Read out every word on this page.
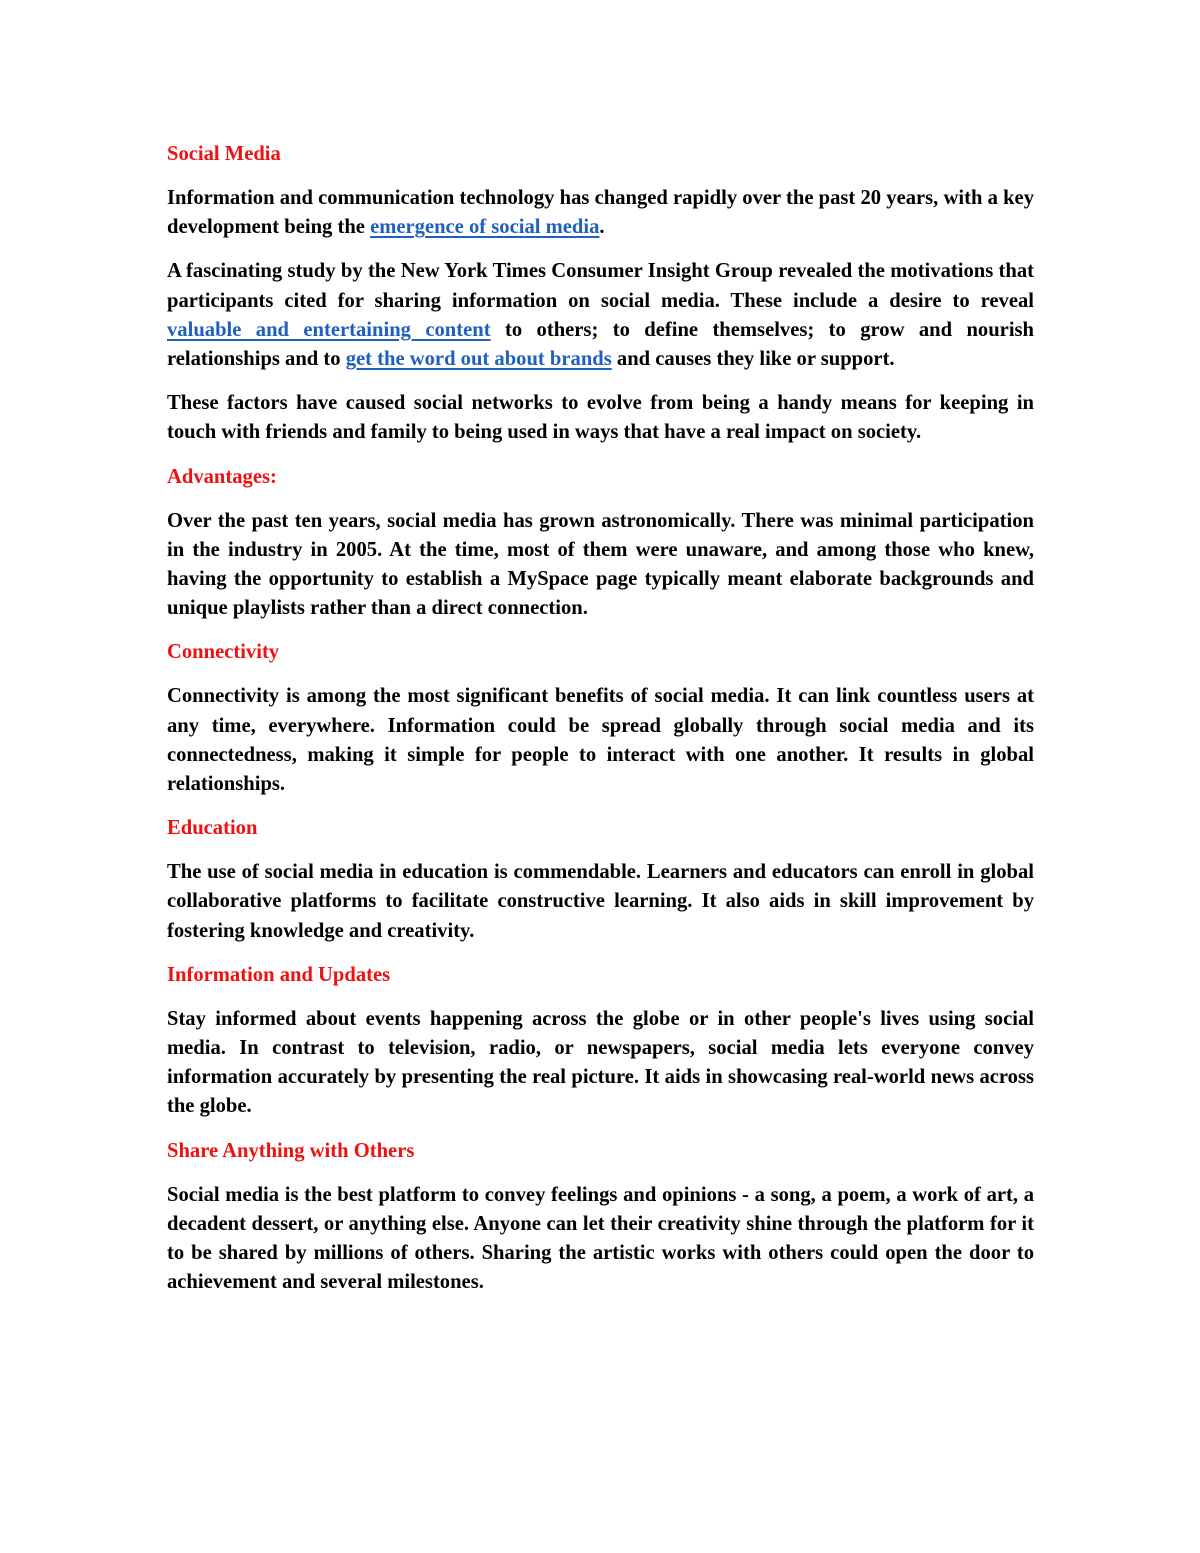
Social Media

Information and communication technology has changed rapidly over the past 20 years, with a key development being the emergence of social media.

A fascinating study by the New York Times Consumer Insight Group revealed the motivations that participants cited for sharing information on social media. These include a desire to reveal valuable and entertaining content to others; to define themselves; to grow and nourish relationships and to get the word out about brands and causes they like or support.

These factors have caused social networks to evolve from being a handy means for keeping in touch with friends and family to being used in ways that have a real impact on society.

Advantages:

Over the past ten years, social media has grown astronomically. There was minimal participation in the industry in 2005. At the time, most of them were unaware, and among those who knew, having the opportunity to establish a MySpace page typically meant elaborate backgrounds and unique playlists rather than a direct connection.

Connectivity

Connectivity is among the most significant benefits of social media. It can link countless users at any time, everywhere. Information could be spread globally through social media and its connectedness, making it simple for people to interact with one another. It results in global relationships.

Education

The use of social media in education is commendable. Learners and educators can enroll in global collaborative platforms to facilitate constructive learning. It also aids in skill improvement by fostering knowledge and creativity.

Information and Updates

Stay informed about events happening across the globe or in other people's lives using social media. In contrast to television, radio, or newspapers, social media lets everyone convey information accurately by presenting the real picture. It aids in showcasing real-world news across the globe.

Share Anything with Others

Social media is the best platform to convey feelings and opinions - a song, a poem, a work of art, a decadent dessert, or anything else. Anyone can let their creativity shine through the platform for it to be shared by millions of others. Sharing the artistic works with others could open the door to achievement and several milestones.
